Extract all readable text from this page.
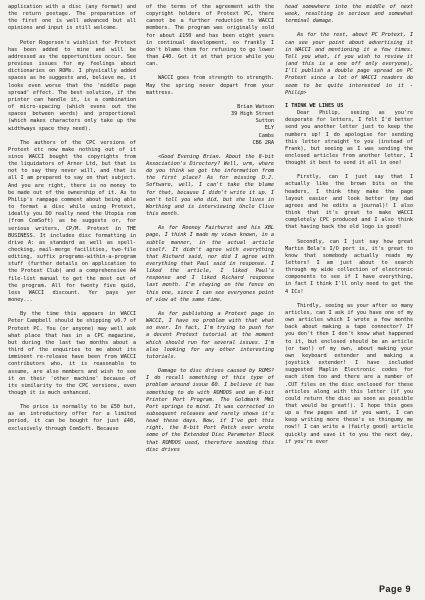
application with a disc (any format) and the return postage. The preparation of the first one is well advanced but all opinions and input is still welcome.

Peter Rogerson's wishlist for Protext has been added to mine and will be addressed as the opportunities occur. See previous issues for my feelings about dictionaries on ROMs. I physically added spaces as he suggests and, believe me, it looks even worse that the 'middle page spread' effect. The best solution, if the printer can handle it, is a combination of micro-spacing (which evens out the spaces between words) and proportional (which makes characters only take up the widthways space they need).

The authors of the CPC versions of Protext etc now make nothing out of it since WACCI bought the copyrights from the liquidators of Arnor Ltd, but that is not to say they never will, and that is all I am prepared to say on that subject. And you are right, there is no money to be made out of the ownership of it. As to Philip's rampage comment about being able to format a disc while using Protext, ideally you DO really need the Utopia rom (from ComSoft) as he suggests or, for serious writers, CP/M. Protext in THE BUSINESS. It includes disc formatting in drive A: as standard as well as spell-checking, mail-merge facilities, two-file editing, suffix programs-within-a-program stuff (further details on application to the Protext Club) and a comprehensive A4 file-list manual to get the most out of the program. All for twenty five quid, less WACCI discount. Yer pays yer money...

By the time this appears in WACCI Peter Campbell should be shipping v6.7 of Protext PC. You (or anyone) may well ask what place that has in a CPC magazine, but during the last two months about a third of the enquiries to me about its imminent re-release have been from WACCI contributors who, it is reasonable to assume, are also members and wish to see it on their 'other machine' because of its similarity to the CPC versions, even though it is much enhanced.

The price is normally to be £50 but, as an introductory offer for a limited period, it can be bought for just £40, exclusively through ComSoft. Because

of the terms of the agreement with the copyright holders of Protext PC, there cannot be a further reduction to WACCI members. The program was originally sold for about £150 and has been eight years in continual development, so frankly I don't blame them for refusing to go lower than £40. Get it at that price while you can.

WACCI goes from strength to strength. May the spring never depart from your mattress.

Brian Watson

39 High Street

Sutton

ELY

Cambs

CB6 2RA

<Good Evening Brian. About the 8-bit Association's Directory? Well, urm, where do you think we got the information from the first place? As for missing D.J. Software, well, I can't take the blame for that, because I didn't write it up. I won't tell you who did, but she lives in Worthing and is interviewing Uncle Clive this month.

As for Rooney Fairhurst and his XBL page, I think I made my views known, in a subtle manner, in the actual article itself. It didn't agree with everything that Richard said, nor did I agree with everything that Paul said in response. I liked the article, I liked Paul's response and I liked Richard response last month. I'm staying on the fence on this one, since I can see everyones point of view at the same time.

As for publishing a Protext page in WACCI, I have no problem with that what so ever. In fact, I'm trying to push for a decent Protext tutorial at the moment which should run for several issues. I'm also looking for any other interesting tutorials.

Damage to disc drives caused by ROMS? I do recall something of this type of problem around issue 60. I believe it has something to do with ROMDOS and an 8-bit Printer Port Program. The Goldmark MW1 Port springs to mind. It was corrected in subsequent releases and rarely shows it's head these days. Now, if I've got this right, the 8-bit Port Patch ever wrote some of the Extended Disc Parameter Block that ROMDOS used, therefore sending this disc drives

head somewhere into the middle of next week, resulting in serious and somewhat terminal damage.

As for the rest, about PC Protext, I can see your point about advertising it in WACCI and mentioning it a few times. Tell you what, if you wish to review it (and this is a one off only everyone), I'll publish a double page spread on PC Protext since a lot of WACCI readers do seem to be quite interested in it -Philip>

I THINK WE LINES US

Dear Philip, seeing as you're desperate for letters, I felt I'd better send you another letter just to keep the numbers up! I do apologise for sending this letter straight to you (instead of Frank), but seeing as I was sending the enclosed articles from another letter, I thought it best to send it all in one!

Firstly, can I just say that I actually like the brown bits on the headers, I think they make the page layout easier and look better (my dad agrees and he edits a journal)! I also think that it's great to make WACCI completely CPC produced and I also think that having back the old logo is good!

Secondly, can I just say how great Martin Bela's I/O port is, it's great to know that somebody actually reads my letters! I am just about to search through my wide collection of electronic components to see if I have everything, in fact I think I'll only need to get the 4 ICs!

Thirdly, seeing as your after so many articles, can I ask if you have one of my own articles which I wrote a few months back about making a tape connector? If you don't then I don't know what happened to it, but enclosed should be an article (or two!) of my own, about making your own keyboard extender and making a joystick extender! I have included suggested Maplin Electronic codes for each item too and there are a number of .CUT files on the disc enclosed for these articles along with this letter (if you could return the disc as soon as possible that would be great!). I hope this goes up a few pages and if you want, I can keep writing more these's so thingumy me now!! I can write a (fairly good) article quickly and save it to you the next day, if you're ever

Page 9
